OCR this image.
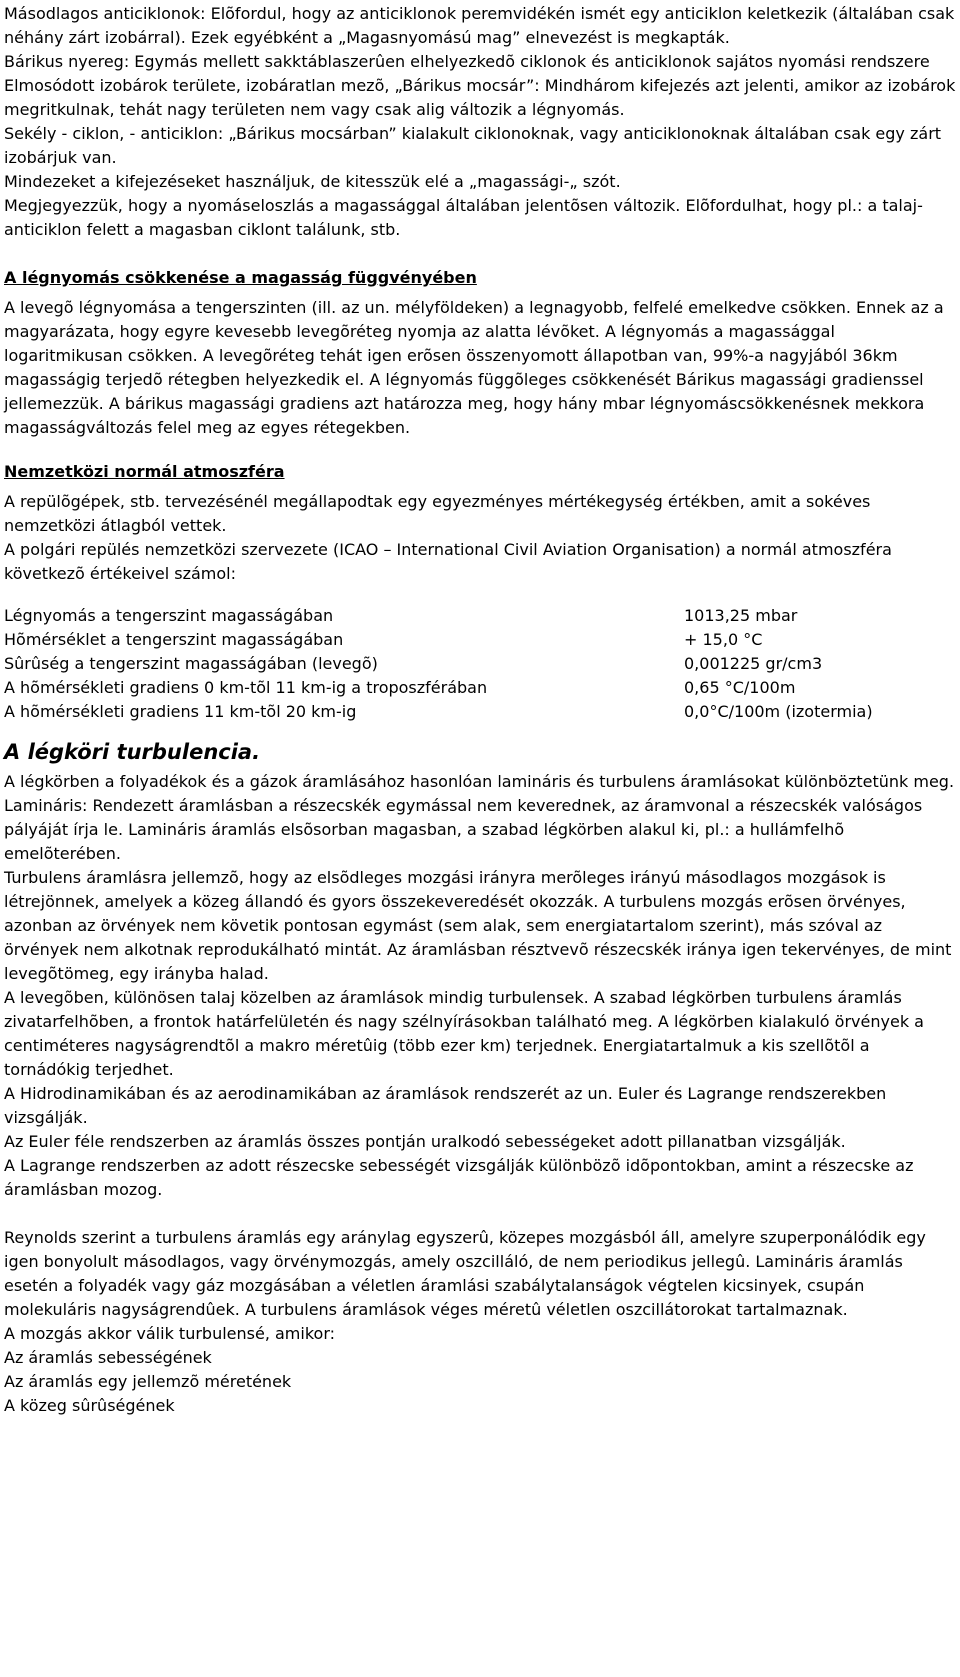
Másodlagos anticiklonok: Elõfordul, hogy az anticiklonok peremvidékén ismét egy anticiklon keletkezik (általában csak néhány zárt izobárral). Ezek egyébként a „Magasnyomású mag” elnevezést is megkapták.

Bárikus nyereg: Egymás mellett sakktáblaszerûen elhelyezkedõ ciklonok és anticiklonok sajátos nyomási rendszere

Elmosódott izobárok területe, izobáratlan mezõ, „Bárikus mocsár”: Mindhárom kifejezés azt jelenti, amikor az izobárok megritkulnak, tehát nagy területen nem vagy csak alig változik a légnyomás.

Sekély - ciklon, - anticiklon: „Bárikus mocsárban” kialakult ciklonoknak, vagy anticiklonoknak általában csak egy zárt izobárjuk van.

Mindezeket a kifejezéseket használjuk, de kitesszük elé a „magassági-„ szót.

Megjegyezzük, hogy a nyomáseloszlás a magassággal általában jelentõsen változik. Elõfordulhat, hogy pl.: a talaj-anticiklon felett a magasban ciklont találunk, stb.

A légnyomás csökkenése a magasság függvényében

A levegõ légnyomása a tengerszinten (ill. az un. mélyföldeken) a legnagyobb, felfelé emelkedve csökken. Ennek az a magyarázata, hogy egyre kevesebb levegõréteg nyomja az alatta lévõket. A légnyomás a magassággal logaritmikusan csökken. A levegõréteg tehát igen erõsen összenyomott állapotban van, 99%-a nagyjából 36km magasságig terjedõ rétegben helyezkedik el. A légnyomás függõleges csökkenését Bárikus magassági gradienssel jellemezzük. A bárikus magassági gradiens azt határozza meg, hogy hány mbar légnyomáscsökkenésnek mekkora magasságváltozás felel meg az egyes rétegekben.

Nemzetközi normál atmoszféra

A repülõgépek, stb. tervezésénél megállapodtak egy egyezményes mértékegység értékben, amit a sokéves nemzetközi átlagból vettek.

A polgári repülés nemzetközi szervezete (ICAO – International Civil Aviation Organisation) a normál atmoszféra következõ értékeivel számol:

Légnyomás a tengerszint magasságában	1013,25 mbar
Hõmérséklet a tengerszint magasságában	+ 15,0 °C
Sûrûség a tengerszint magasságában (levegõ)	0,001225 gr/cm3
A hõmérsékleti gradiens 0 km-tõl 11 km-ig a troposzférában	0,65 °C/100m
A hõmérsékleti gradiens 11 km-tõl 20 km-ig	0,0°C/100m (izotermia)
A légköri turbulencia.

A légkörben a folyadékok és a gázok áramlásához hasonlóan lamináris és turbulens áramlásokat különböztetünk meg.

Lamináris: Rendezett áramlásban a részecskék egymással nem keverednek, az áramvonal a részecskék valóságos pályáját írja le. Lamináris áramlás elsõsorban magasban, a szabad légkörben alakul ki, pl.: a hullámfelhõ emelõterében.

Turbulens áramlásra jellemzõ, hogy az elsõdleges mozgási irányra merõleges irányú másodlagos mozgások is létrejönnek, amelyek a közeg állandó és gyors összekeveredését okozzák. A turbulens mozgás erõsen örvényes, azonban az örvények nem követik pontosan egymást (sem alak, sem energiatartalom szerint), más szóval az örvények nem alkotnak reprodukálható mintát. Az áramlásban résztvevõ részecskék iránya igen tekervényes, de mint levegõtömeg, egy irányba halad.

A levegõben, különösen talaj közelben az áramlások mindig turbulensek. A szabad légkörben turbulens áramlás zivatarfelhõben, a frontok határfelületén és nagy szélnyírásokban található meg. A légkörben kialakuló örvények a centiméteres nagyságrendtõl a makro méretûig (több ezer km) terjednek. Energiatartalmuk a kis szellõtõl a tornádókig terjedhet.

A Hidrodinamikában és az aerodinamikában az áramlások rendszerét az un. Euler és Lagrange rendszerekben vizsgálják.

Az Euler féle rendszerben az áramlás összes pontján uralkodó sebességeket adott pillanatban vizsgálják.

A Lagrange rendszerben az adott részecske sebességét vizsgálják különbözõ idõpontokban, amint a részecske az áramlásban mozog.

Reynolds szerint a turbulens áramlás egy aránylag egyszerû, közepes mozgásból áll, amelyre szuperponálódik egy igen bonyolult másodlagos, vagy örvénymozgás, amely oszcilláló, de nem periodikus jellegû. Lamináris áramlás esetén a folyadék vagy gáz mozgásában a véletlen áramlási szabálytalanságok végtelen kicsinyek, csupán molekuláris nagyságrendûek. A turbulens áramlások véges méretû véletlen oszcillátorokat tartalmaznak.

A mozgás akkor válik turbulensé, amikor:

Az áramlás sebességének

Az áramlás egy jellemzõ méretének

A közeg sûrûségének
